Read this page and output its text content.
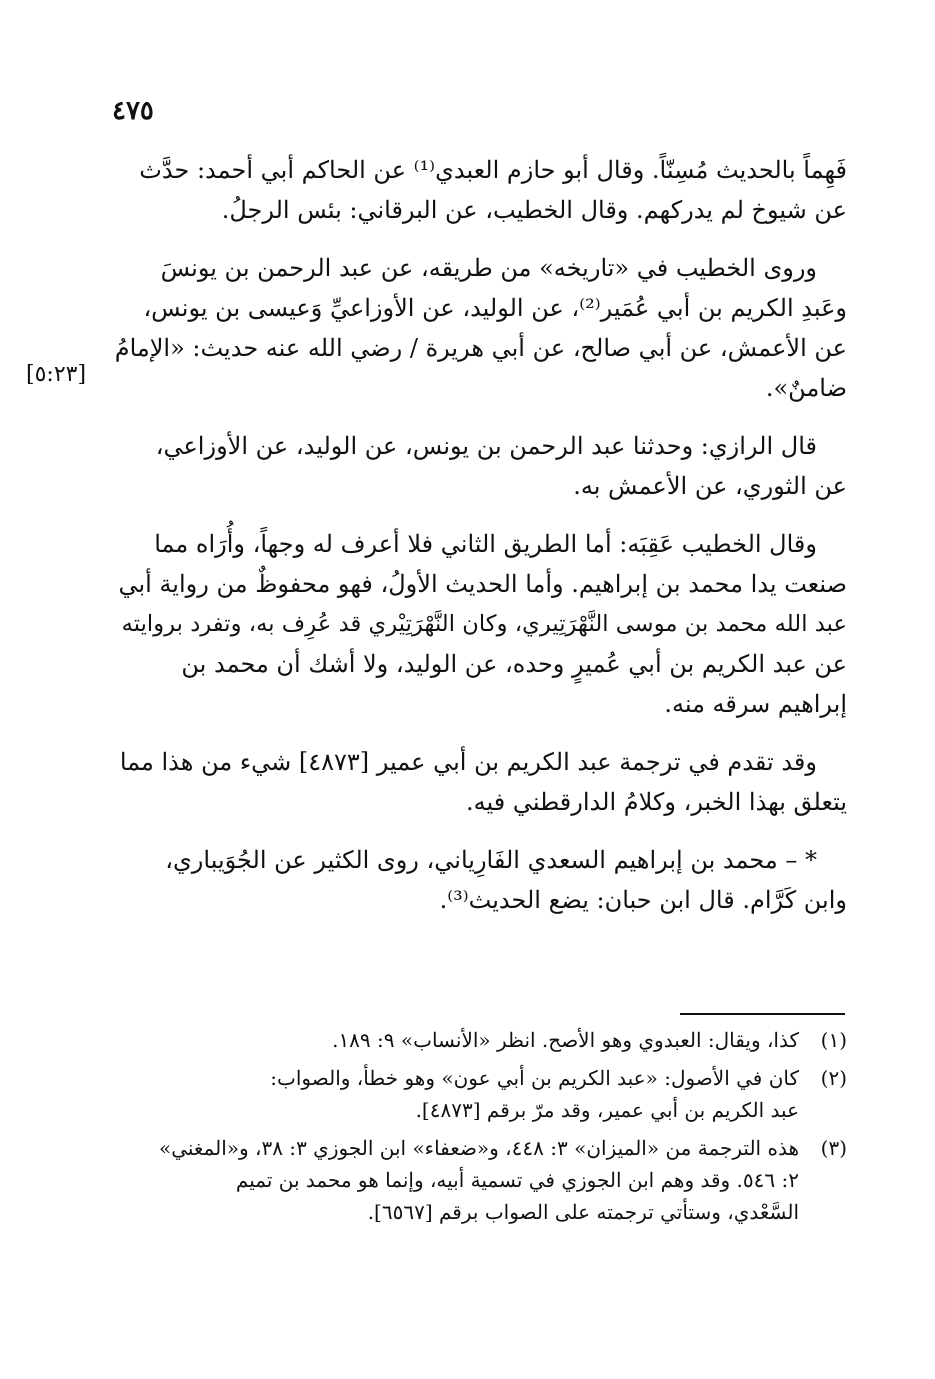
٤٧٥
[٥:٢٣]
فَهِماً بالحديث مُسِنّاً. وقال أبو حازم العبدي⁽¹⁾ عن الحاكم أبي أحمد: حدَّث
عن شيوخ لم يدركهم. وقال الخطيب، عن البرقاني: بئس الرجلُ.
وروى الخطيب في «تاريخه» من طريقه، عن عبد الرحمن بن يونسَ
وعَبدِ الكريم بن أبي عُمَير⁽²⁾، عن الوليد، عن الأوزاعيِّ وَعيسى بن يونس،
عن الأعمش، عن أبي صالح، عن أبي هريرة / رضي الله عنه حديث: «الإمامُ
ضامنٌ».
قال الرازي: وحدثنا عبد الرحمن بن يونس، عن الوليد، عن الأوزاعي،
عن الثوري، عن الأعمش به.
وقال الخطيب عَقِبَه: أما الطريق الثاني فلا أعرف له وجهاً، وأُرَاه مما
صنعت يدا محمد بن إبراهيم. وأما الحديث الأولُ، فهو محفوظٌ من رواية أبي
عبد الله محمد بن موسى النَّهْرَتِيري، وكان النَّهْرَتِيْري قد عُرِف به، وتفرد بروايته
عن عبد الكريم بن أبي عُميرٍ وحده، عن الوليد، ولا أشك أن محمد بن
إبراهيم سرقه منه.
وقد تقدم في ترجمة عبد الكريم بن أبي عمير [٤٨٧٣] شيء من هذا مما
يتعلق بهذا الخبر، وكلامُ الدارقطني فيه.
* – محمد بن إبراهيم السعدي الفَارِياني، روى الكثير عن الجُوَيباري،
وابن كَرَّام. قال ابن حبان: يضع الحديث⁽³⁾.
(١)
كذا، ويقال: العبدوي وهو الأصح. انظر «الأنساب» ٩: ١٨٩.
(٢)
كان في الأصول: «عبد الكريم بن أبي عون» وهو خطأ، والصواب:
عبد الكريم بن أبي عمير، وقد مرّ برقم [٤٨٧٣].
(٣)
هذه الترجمة من «الميزان» ٣: ٤٤٨، و«ضعفاء» ابن الجوزي ٣: ٣٨، و«المغني»
٢: ٥٤٦. وقد وهم ابن الجوزي في تسمية أبيه، وإنما هو محمد بن تميم
السَّعْدي، وستأتي ترجمته على الصواب برقم [٦٥٦٧].
